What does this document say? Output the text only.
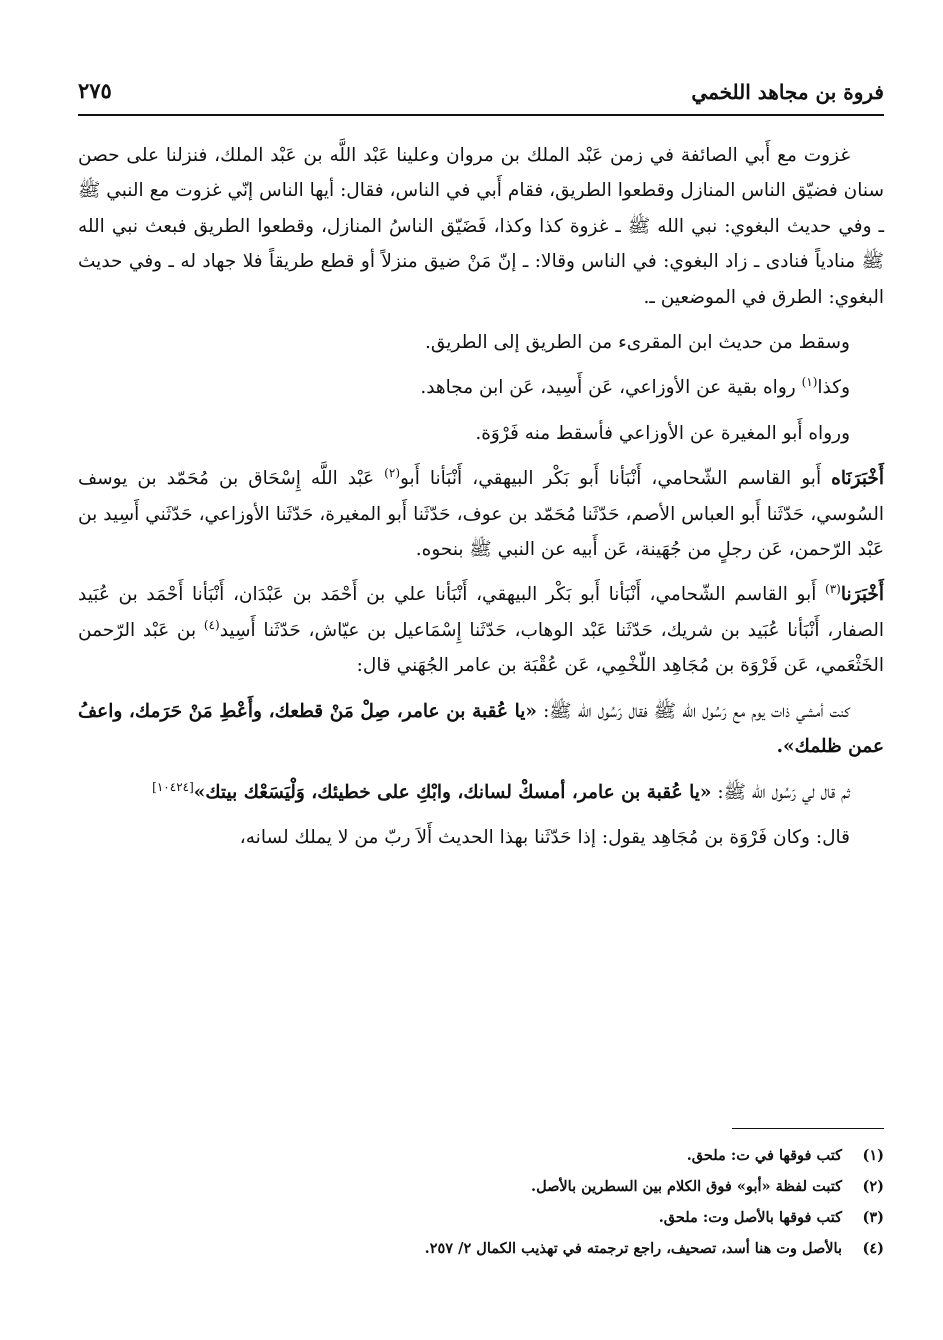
فروة بن مجاهد اللخمي
٢٧٥

غزوت مع أَبي الصائفة في زمن عَبْد الملك بن مروان وعلينا عَبْد اللَّه بن عَبْد الملك، فنزلنا على حصن سنان فضيّق الناس المنازل وقطعوا الطريق، فقام أَبي في الناس، فقال: أيها الناس إنّي غزوت مع النبي ﷺ ـ وفي حديث البغوي: نبي الله ﷺ ـ غزوة كذا وكذا، فَضَيّق الناسُ المنازل، وقطعوا الطريق فبعث نبي الله ﷺ منادياً فنادى ـ زاد البغوي: في الناس وقالا: ـ إنّ مَنْ ضيق منزلاً أو قطع طريقاً فلا جهاد له ـ وفي حديث البغوي: الطرق في الموضعين ـ.

وسقط من حديث ابن المقرىء من الطريق إلى الطريق.

وكذا$^{(١)}$ رواه بقية عن الأوزاعي، عَن أَسِيد، عَن ابن مجاهد.

ورواه أَبو المغيرة عن الأوزاعي فأسقط منه فَرْوَة.

أَخْبَرَنَاه أَبو القاسم الشّحامي، أَنْبَأنا أَبو بَكْر البيهقي، أَنْبَأنا أَبو$^{(٢)}$ عَبْد اللَّه إِسْحَاق بن مُحَمّد بن يوسف السُوسي، حَدّثَنا أَبو العباس الأصم، حَدّثَنا مُحَمّد بن عوف، حَدّثَنا أَبو المغيرة، حَدّثَنا الأوزاعي، حَدّثَني أَسِيد بن عَبْد الرّحمن، عَن رجلٍ من جُهَينة، عَن أَبيه عن النبي ﷺ بنحوه.

أَخْبَرَنا$^{(٣)}$ أَبو القاسم الشّحامي، أَنْبَأنا أَبو بَكْر البيهقي، أَنْبَأنا علي بن أَحْمَد بن عَبْدَان، أَنْبَأنا أَحْمَد بن عُبَيد الصفار، أَنْبَأنا عُبَيد بن شريك، حَدّثَنا عَبْد الوهاب، حَدّثَنا إِسْمَاعيل بن عيّاش، حَدّثَنا أَسِيد$^{(٤)}$ بن عَبْد الرّحمن الخَثْعَمي، عَن فَرْوَة بن مُجَاهِد اللّخْمِي، عَن عُقْبَة بن عامر الجُهَني قال:

كنت أمشي ذات يوم مع رَسُول الله ﷺ فقال رَسُول الله ﷺ: «يا عُقبة بن عامر، صِلْ مَنْ قطعك، وأَعْطِ مَنْ حَرَمك، واعفُ عمن ظلمك».

ثم قال لي رَسُول الله ﷺ: «يا عُقبة بن عامر، أمسكْ لسانك، وابْكِ على خطيئك، وَلْيَسَعْك بيتك»[١٠٤٢٤]

قال: وكان فَرْوَة بن مُجَاهِد يقول: إذا حَدّثَنا بهذا الحديث أَلاَ ربّ من لا يملك لسانه،

(١)كتب فوقها في ت: ملحق.
(٢)كتبت لفظة «أبو» فوق الكلام بين السطرين بالأصل.
(٣)كتب فوقها بالأصل وت: ملحق.
(٤)بالأصل وت هنا أسد، تصحيف، راجع ترجمته في تهذيب الكمال ٢/ ٢٥٧.
